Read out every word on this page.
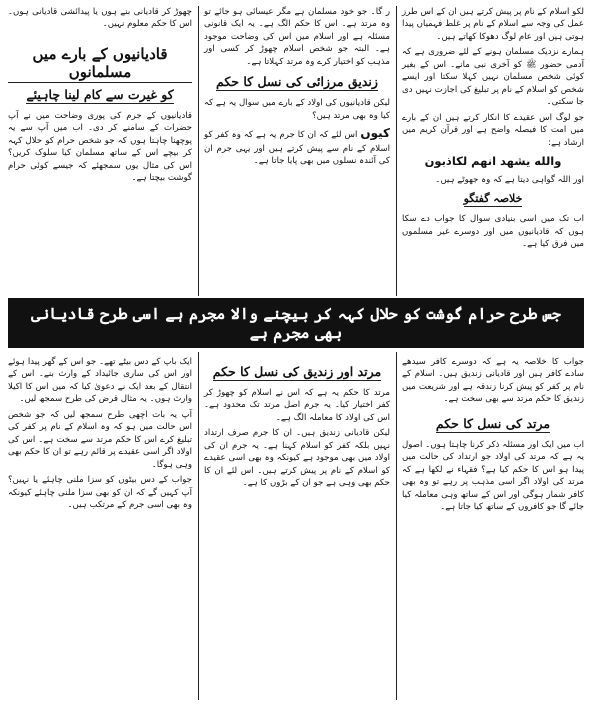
لکو اسلام کے نام پر پیش کرتے ہیں ان کے اس طرز عمل کی وجہ سے اسلام کے نام پر غلط فہمیاں پیدا ہوتی ہیں اور عام لوگ دھوکا کھاتے ہیں۔

ہمارے نزدیک مسلمان ہونے کے لئے ضروری ہے کہ آدمی حضور ﷺ کو آخری نبی مانے۔ اس کے بغیر کوئی شخص مسلمان نہیں کہلا سکتا اور ایسے شخص کو اسلام کے نام پر تبلیغ کی اجازت نہیں دی جا سکتی۔

جو لوگ اس عقیدے کا انکار کرتے ہیں ان کے بارے میں امت کا فیصلہ واضح ہے اور قرآن کریم میں ارشاد ہے:

والله يشهد انهم لكاذبون

اور اللہ گواہی دیتا ہے کہ وہ جھوٹے ہیں۔

خلاصہ گفتگو

اب تک میں اسی بنیادی سوال کا جواب دے سکا ہوں کہ قادیانیوں میں اور دوسرے غیر مسلموں میں فرق کیا ہے۔

ر گا۔ جو خود مسلمان ہے مگر عیسائی ہو جائے تو وہ مرتد ہے۔ اس کا حکم الگ ہے۔ یہ ایک قانونی مسئلہ ہے اور اسلام میں اس کی وضاحت موجود ہے۔ البتہ جو شخص اسلام چھوڑ کر کسی اور مذہب کو اختیار کرے وہ مرتد کہلاتا ہے۔

زندیق مرزائی کی نسل کا حکم

لیکن قادیانیوں کی اولاد کے بارے میں سوال یہ ہے کہ کیا وہ بھی مرتد ہیں؟

کیوں اس لئے کہ ان کا جرم یہ ہے کہ وہ کفر کو اسلام کے نام سے پیش کرتے ہیں اور یہی جرم ان کی آئندہ نسلوں میں بھی پایا جاتا ہے۔

چھوڑ کر قادیانی بنے ہوں یا پیدائشی قادیانی ہوں۔ اس کا حکم معلوم نہیں۔

قادیانیوں کے بارے میں مسلمانوں
کو غیرت سے کام لینا چاہیئے

قادیانیوں کے جرم کی پوری وضاحت میں نے آپ حضرات کے سامنے کر دی۔ اب میں آپ سے یہ پوچھنا چاہتا ہوں کہ جو شخص حرام کو حلال کہہ کر بیچے اس کے ساتھ مسلمان کیا سلوک کریں؟ اس کی مثال یوں سمجھئے کہ جیسے کوئی حرام گوشت بیچتا ہے۔

جس طرح حرام گوشت کو حلال کہہ کر بیچنے والا مجرم ہے اسی طرح قادیانی بھی مجرم ہے

جواب کا خلاصہ یہ ہے کہ دوسرے کافر سیدھے سادے کافر ہیں اور قادیانی زندیق ہیں۔ اسلام کے نام پر کفر کو پیش کرنا زندقہ ہے اور شریعت میں زندیق کا حکم مرتد سے بھی سخت ہے۔

مرتد کی نسل کا حکم

اب میں ایک اور مسئلہ ذکر کرنا چاہتا ہوں۔ اصول یہ ہے کہ مرتد کی اولاد جو ارتداد کی حالت میں پیدا ہو اس کا حکم کیا ہے؟ فقہاء نے لکھا ہے کہ مرتد کی اولاد اگر اسی مذہب پر رہے تو وہ بھی کافر شمار ہوگی اور اس کے ساتھ وہی معاملہ کیا جائے گا جو کافروں کے ساتھ کیا جاتا ہے۔

مرتد اور زندیق کی نسل کا حکم

مرتد کا حکم یہ ہے کہ اس نے اسلام کو چھوڑ کر کفر اختیار کیا۔ یہ جرم اصل مرتد تک محدود ہے۔ اس کی اولاد کا معاملہ الگ ہے۔

لیکن قادیانی زندیق ہیں۔ ان کا جرم صرف ارتداد نہیں بلکہ کفر کو اسلام کہنا ہے۔ یہ جرم ان کی اولاد میں بھی موجود ہے کیونکہ وہ بھی اسی عقیدے کو اسلام کے نام پر پیش کرتے ہیں۔ اس لئے ان کا حکم بھی وہی ہے جو ان کے بڑوں کا ہے۔

ایک باپ کے دس بیٹے تھے۔ جو اس کے گھر پیدا ہوئے اور اس کی ساری جائیداد کے وارث بنے۔ اس کے انتقال کے بعد ایک نے دعویٰ کیا کہ میں اس کا اکیلا وارث ہوں۔ یہ مثال قرض کی طرح سمجھ لیں۔

آپ یہ بات اچھی طرح سمجھ لیں کہ جو شخص اس حالت میں ہو کہ وہ اسلام کے نام پر کفر کی تبلیغ کرے اس کا حکم مرتد سے سخت ہے۔ اس کی اولاد اگر اسی عقیدے پر قائم رہے تو ان کا حکم بھی وہی ہوگا۔

جواب کے دس بیٹوں کو سزا ملنی چاہئے یا نہیں؟ آپ کہیں گے کہ ان کو بھی سزا ملنی چاہئے کیونکہ وہ بھی اسی جرم کے مرتکب ہیں۔
